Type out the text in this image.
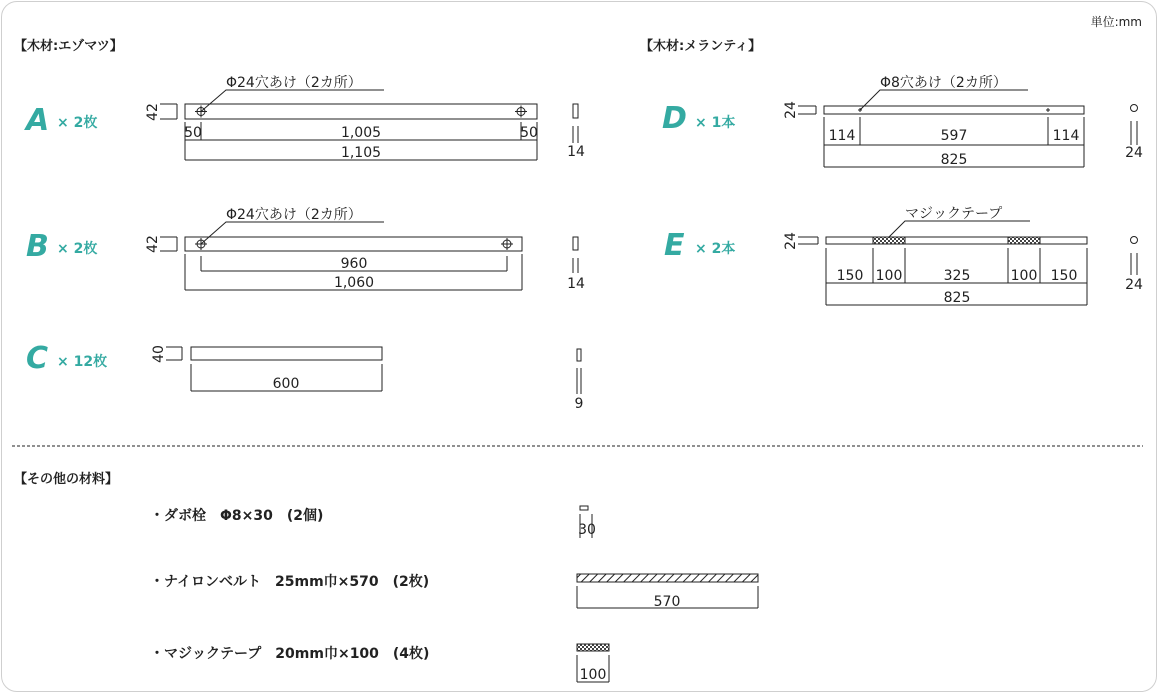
単位:mm
【木材:エゾマツ】	【木材:メランティ】
A × 2枚
42
Φ24穴あけ（2カ所）
50	1,005	50
1,105	14
B × 2枚	42
Φ24穴あけ（2カ所）
960
1,060	14
C × 12枚	40
600
9
D × 1本
24
Φ8穴あけ（2カ所）
114	597	114
825	24
E × 2本	24
マジックテープ
150 100	325	100 150
825
24
【その他の材料】
・ダボ栓　Φ8×30　(2個)
30
・ナイロンベルト　25mm巾×570　(2枚)
570
・マジックテープ　20mm巾×100　(4枚)
100
